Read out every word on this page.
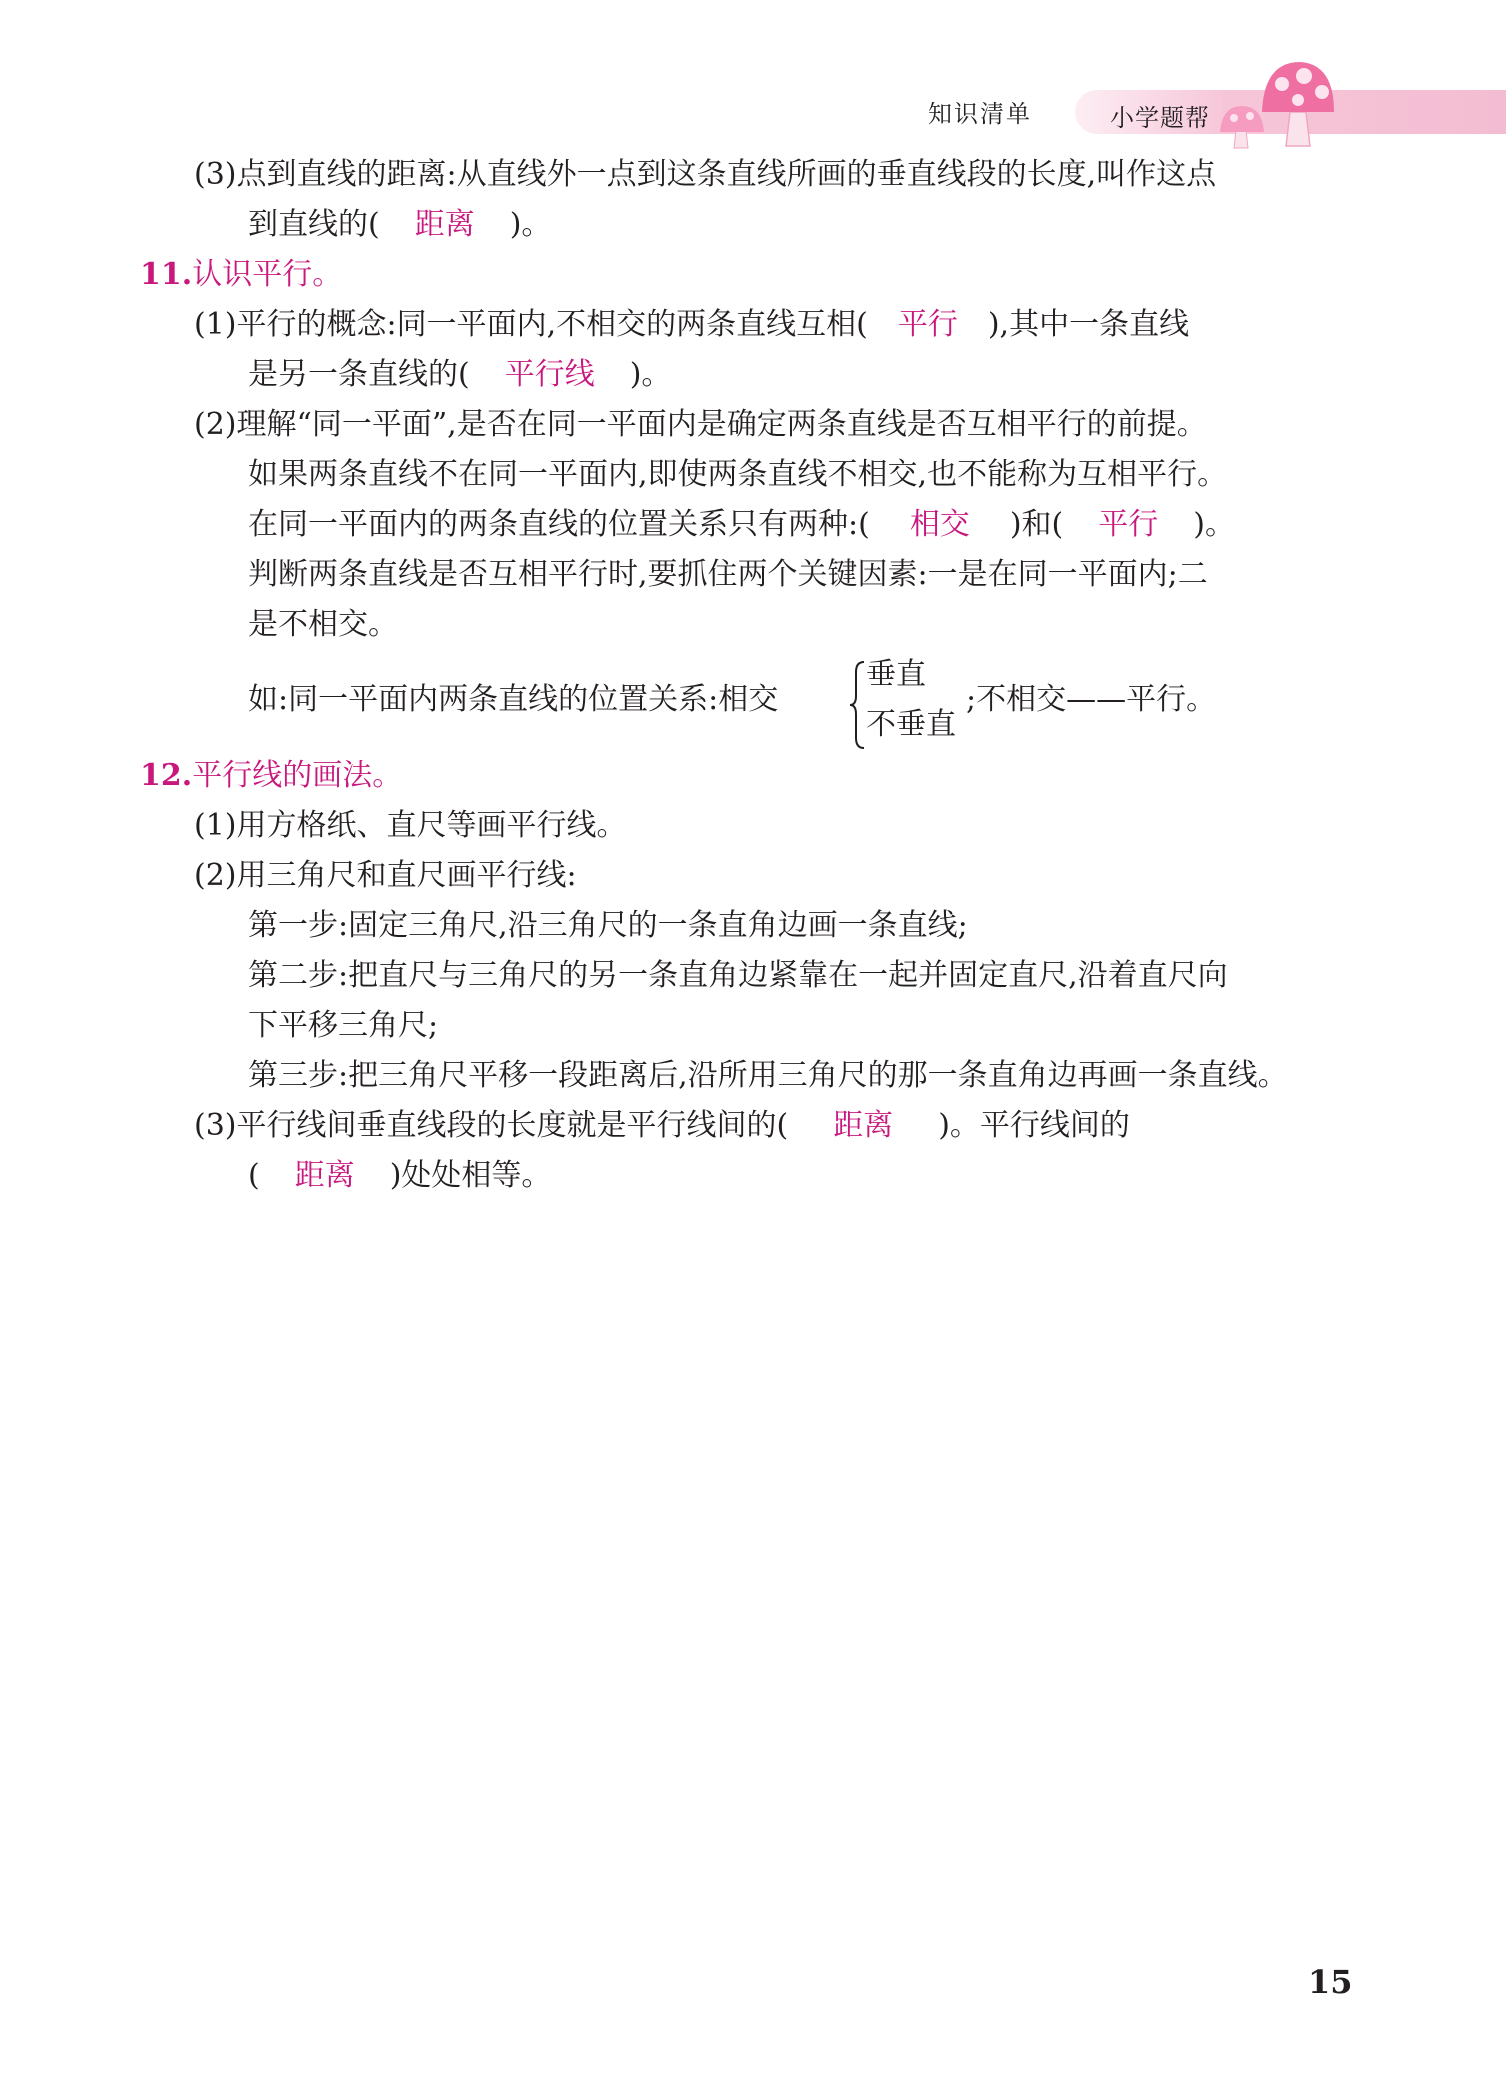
知识清单	小学题帮
(3)点到直线的距离:从直线外一点到这条直线所画的垂直线段的长度,叫作这点
到直线的( 距离 )。
11.认识平行。
(1)平行的概念:同一平面内,不相交的两条直线互相( 平行 ),其中一条直线
是另一条直线的( 平行线 )。
(2)理解“同一平面”,是否在同一平面内是确定两条直线是否互相平行的前提。
如果两条直线不在同一平面内,即使两条直线不相交,也不能称为互相平行。
在同一平面内的两条直线的位置关系只有两种:( 相交 )和( 平行 )。
判断两条直线是否互相平行时,要抓住两个关键因素:一是在同一平面内;二
是不相交。
如:同一平面内两条直线的位置关系:相交
垂直
不垂直
;不相交——平行。
12.平行线的画法。
(1)用方格纸、直尺等画平行线。
(2)用三角尺和直尺画平行线:
第一步:固定三角尺,沿三角尺的一条直角边画一条直线;
第二步:把直尺与三角尺的另一条直角边紧靠在一起并固定直尺,沿着直尺向
下平移三角尺;
第三步:把三角尺平移一段距离后,沿所用三角尺的那一条直角边再画一条直线。
(3)平行线间垂直线段的长度就是平行线间的( 距离 )。平行线间的
( 距离 )处处相等。
15
